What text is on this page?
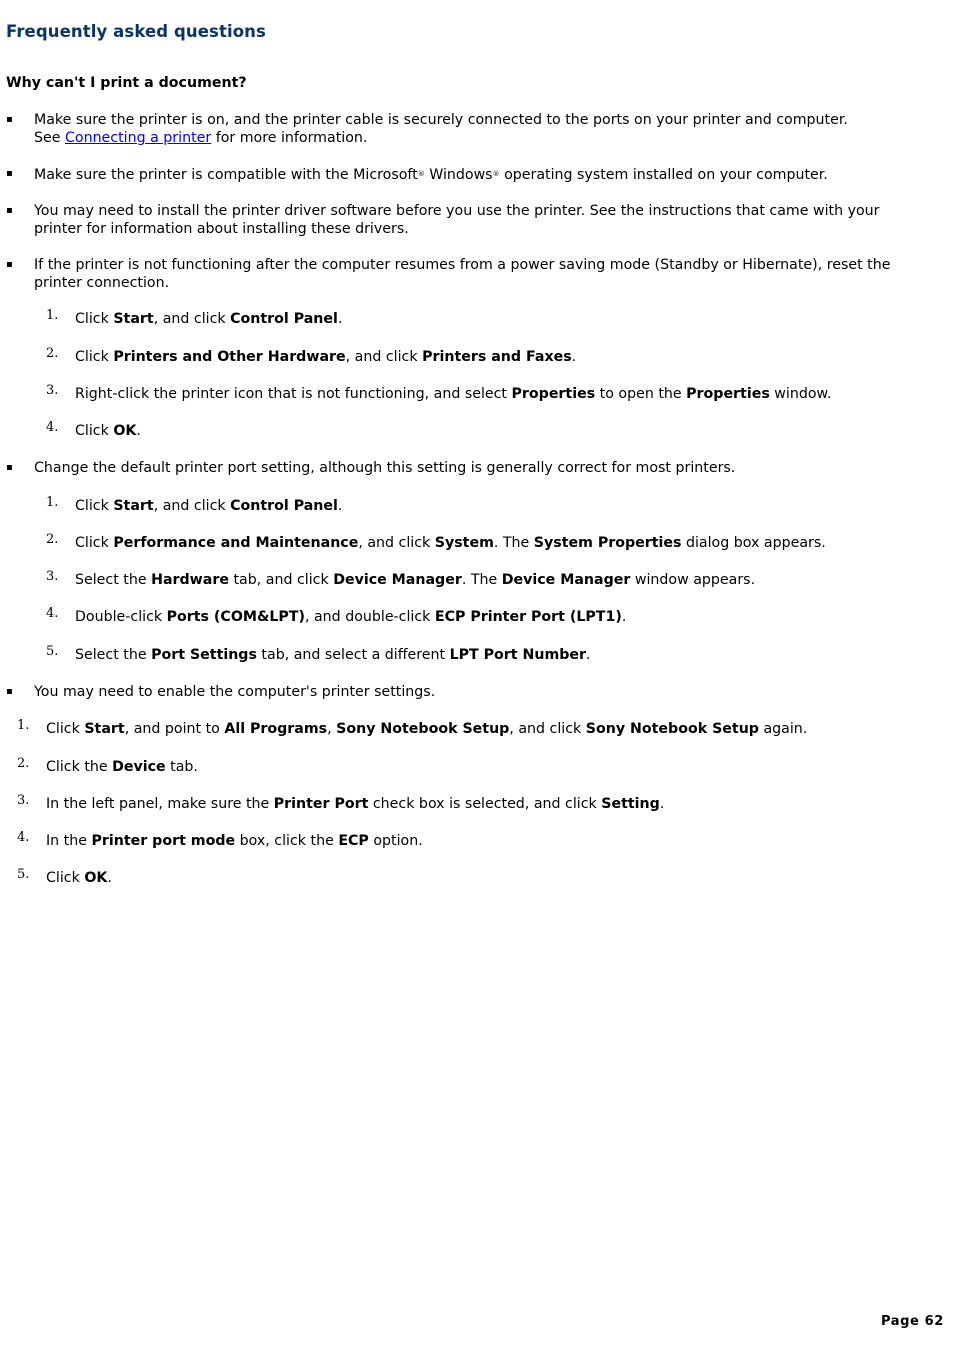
Frequently asked questions
Why can't I print a document?
▪ Make sure the printer is on, and the printer cable is securely connected to the ports on your printer and computer.
See Connecting a printer for more information.
▪ Make sure the printer is compatible with the Microsoft® Windows® operating system installed on your computer.
▪ You may need to install the printer driver software before you use the printer. See the instructions that came with your printer for information about installing these drivers.
▪ If the printer is not functioning after the computer resumes from a power saving mode (Standby or Hibernate), reset the printer connection.
1. Click Start, and click Control Panel.
2. Click Printers and Other Hardware, and click Printers and Faxes.
3. Right-click the printer icon that is not functioning, and select Properties to open the Properties window.
4. Click OK.
▪ Change the default printer port setting, although this setting is generally correct for most printers.
1. Click Start, and click Control Panel.
2. Click Performance and Maintenance, and click System. The System Properties dialog box appears.
3. Select the Hardware tab, and click Device Manager. The Device Manager window appears.
4. Double-click Ports (COM&LPT), and double-click ECP Printer Port (LPT1).
5. Select the Port Settings tab, and select a different LPT Port Number.
▪ You may need to enable the computer's printer settings.
1. Click Start, and point to All Programs, Sony Notebook Setup, and click Sony Notebook Setup again.
2. Click the Device tab.
3. In the left panel, make sure the Printer Port check box is selected, and click Setting.
4. In the Printer port mode box, click the ECP option.
5. Click OK.
Page 62
